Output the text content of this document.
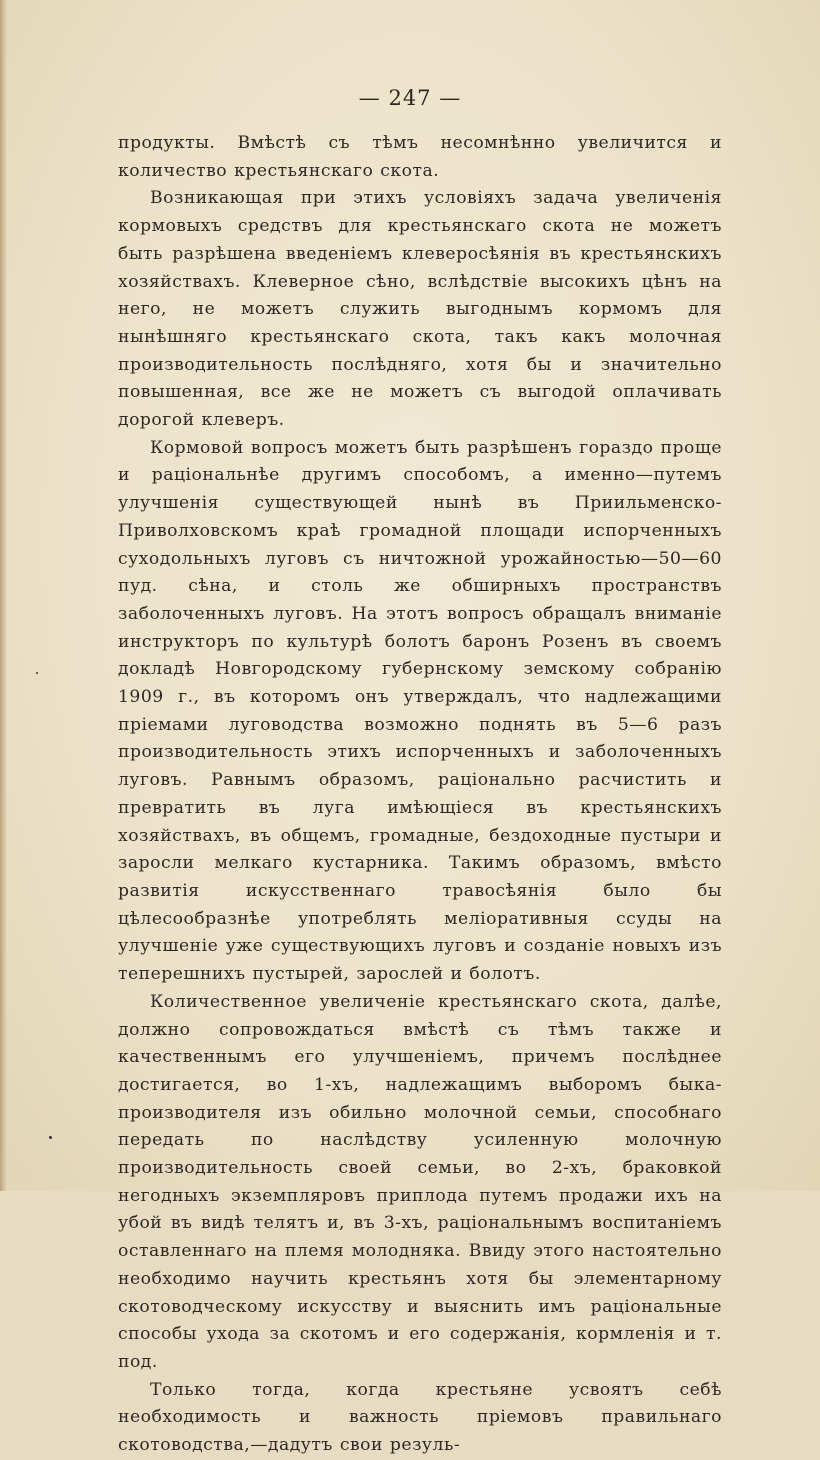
— 247 —

продукты. Вмѣстѣ съ тѣмъ несомнѣнно увеличится и количество крестьянскаго скота.

Возникающая при этихъ условіяхъ задача увеличенія кормовыхъ средствъ для крестьянскаго скота не можетъ быть разрѣшена введеніемъ клеверосѣянія въ крестьянскихъ хозяйствахъ. Клеверное сѣно, вслѣдствіе высокихъ цѣнъ на него, не можетъ служить выгоднымъ кормомъ для нынѣшняго крестьянскаго скота, такъ какъ молочная производительность послѣдняго, хотя бы и значительно повышенная, все же не можетъ съ выгодой оплачивать дорогой клеверъ.

Кормовой вопросъ можетъ быть разрѣшенъ гораздо проще и раціональнѣе другимъ способомъ, а именно—путемъ улучшенія существующей нынѣ въ Приильменско-Приволховскомъ краѣ громадной площади испорченныхъ суходольныхъ луговъ съ ничтожной урожайностью—50—60 пуд. сѣна, и столь же обширныхъ пространствъ заболоченныхъ луговъ. На этотъ вопросъ обращалъ вниманіе инструкторъ по культурѣ болотъ баронъ Розенъ въ своемъ докладѣ Новгородскому губернскому земскому собранію 1909 г., въ которомъ онъ утверждалъ, что надлежащими пріемами луговодства возможно поднять въ 5—6 разъ производительность этихъ испорченныхъ и заболоченныхъ луговъ. Равнымъ образомъ, раціонально расчистить и превратить въ луга имѣющіеся въ крестьянскихъ хозяйствахъ, въ общемъ, громадные, бездоходные пустыри и заросли мелкаго кустарника. Такимъ образомъ, вмѣсто развитія искусственнаго травосѣянія было бы цѣлесообразнѣе употреблять меліоративныя ссуды на улучшеніе уже существующихъ луговъ и созданіе новыхъ изъ теперешнихъ пустырей, зарослей и болотъ.

Количественное увеличеніе крестьянскаго скота, далѣе, должно сопровождаться вмѣстѣ съ тѣмъ также и качественнымъ его улучшеніемъ, причемъ послѣднее достигается, во 1-хъ, надлежащимъ выборомъ быка-производителя изъ обильно молочной семьи, способнаго передать по наслѣдству усиленную молочную производительность своей семьи, во 2-хъ, браковкой негодныхъ экземпляровъ приплода путемъ продажи ихъ на убой въ видѣ телятъ и, въ 3-хъ, раціональнымъ воспитаніемъ оставленнаго на племя молодняка. Ввиду этого настоятельно необходимо научить крестьянъ хотя бы элементарному скотоводческому искусству и выяснить имъ раціональные способы ухода за скотомъ и его содержанія, кормленія и т. под.

Только тогда, когда крестьяне усвоятъ себѣ необходимость и важность пріемовъ правильнаго скотоводства,—дадутъ свои резуль-
